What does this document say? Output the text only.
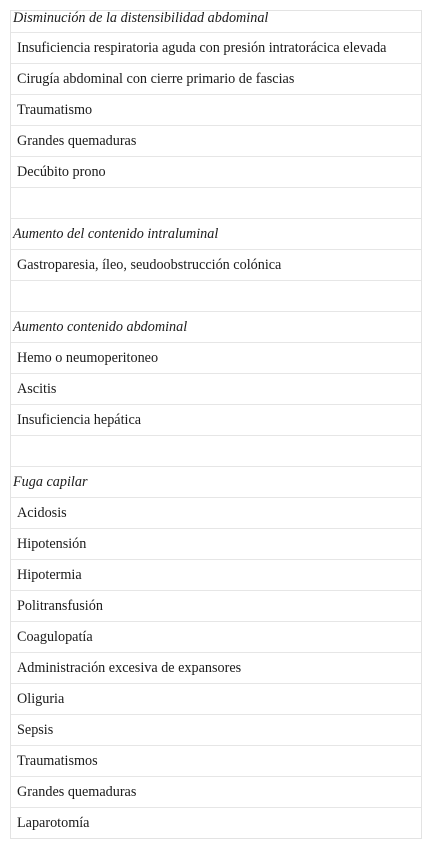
Disminución de la distensibilidad abdominal
Insuficiencia respiratoria aguda con presión intratorácica elevada
Cirugía abdominal con cierre primario de fascias
Traumatismo
Grandes quemaduras
Decúbito prono
Aumento del contenido intraluminal
Gastroparesia, íleo, seudoobstrucción colónica
Aumento contenido abdominal
Hemo o neumoperitoneo
Ascitis
Insuficiencia hepática
Fuga capilar
Acidosis
Hipotensión
Hipotermia
Politransfusión
Coagulopatía
Administración excesiva de expansores
Oliguria
Sepsis
Traumatismos
Grandes quemaduras
Laparotomía
